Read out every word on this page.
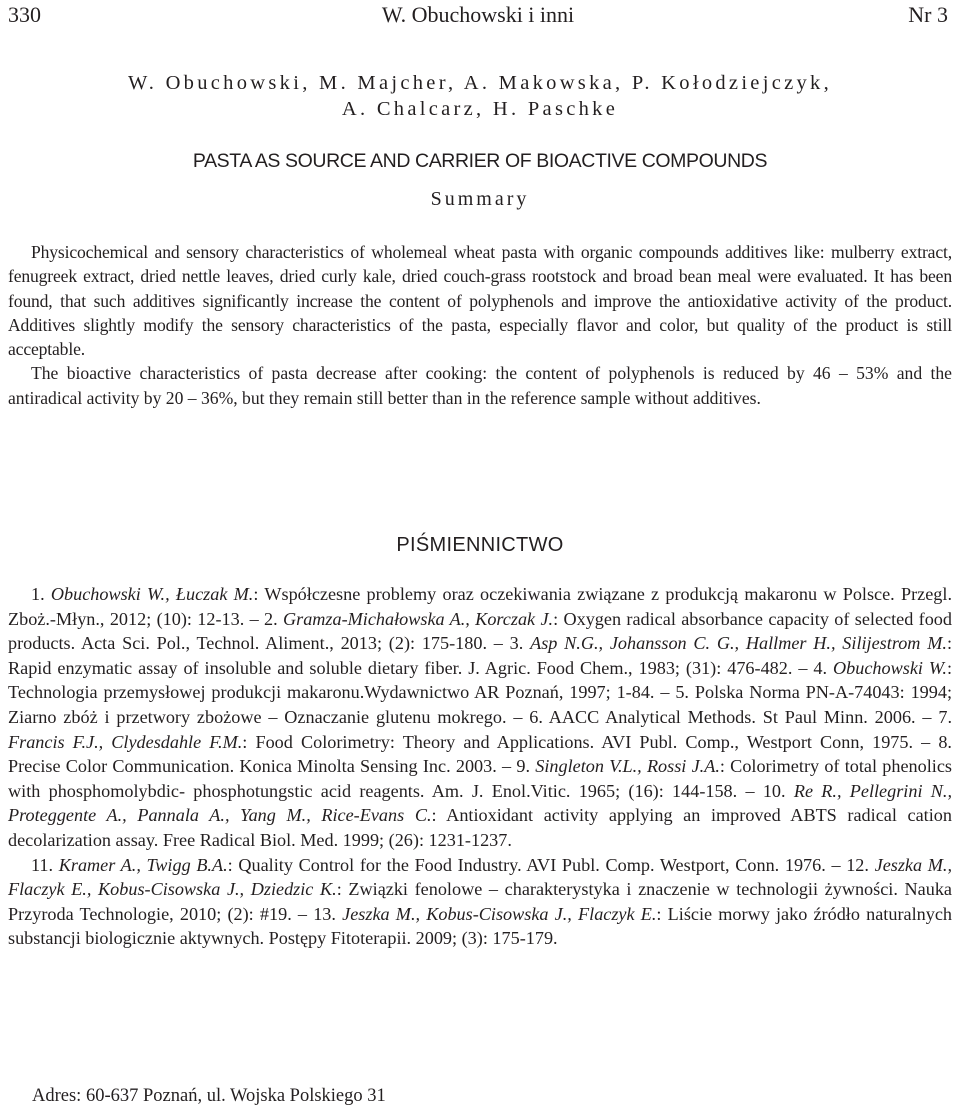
330	W. Obuchowski i inni	Nr 3
W. Obuchowski, M. Majcher, A. Makowska, P. Kołodziejczyk,
A. Chalcarz, H. Paschke
PASTA AS SOURCE AND CARRIER OF BIOACTIVE COMPOUNDS
Summary

Physicochemical and sensory characteristics of wholemeal wheat pasta with organic compounds additives like: mulberry extract, fenugreek extract, dried nettle leaves, dried curly kale, dried couch-grass rootstock and broad bean meal were evaluated. It has been found, that such additives significantly increase the content of polyphenols and improve the antioxidative activity of the product. Additives slightly modify the sensory characteristics of the pasta, especially flavor and color, but quality of the product is still acceptable.

The bioactive characteristics of pasta decrease after cooking: the content of polyphenols is reduced by 46 – 53% and the antiradical activity by 20 – 36%, but they remain still better than in the reference sample without additives.

PIŚMIENNICTWO

1. Obuchowski W., Łuczak M.: Współczesne problemy oraz oczekiwania związane z produkcją makaronu w Polsce. Przegl. Zboż.-Młyn., 2012; (10): 12-13. – 2. Gramza-Michałowska A., Korczak J.: Oxygen radical absorbance capacity of selected food products. Acta Sci. Pol., Technol. Aliment., 2013; (2): 175-180. – 3. Asp N.G., Johansson C. G., Hallmer H., Silijestrom M.: Rapid enzymatic assay of insoluble and soluble dietary fiber. J. Agric. Food Chem., 1983; (31): 476-482. – 4. Obuchowski W.: Technologia przemysłowej produkcji makaronu.Wydawnictwo AR Poznań, 1997; 1-84. – 5. Polska Norma PN-A-74043: 1994; Ziarno zbóż i przetwory zbożowe – Oznaczanie glutenu mokrego. – 6. AACC Analytical Methods. St Paul Minn. 2006. – 7. Francis F.J., Clydesdahle F.M.: Food Colorimetry: Theory and Applications. AVI Publ. Comp., Westport Conn, 1975. – 8. Precise Color Communication. Konica Minolta Sensing Inc. 2003. – 9. Singleton V.L., Rossi J.A.: Colorimetry of total phenolics with phosphomolybdic- phosphotungstic acid reagents. Am. J. Enol.Vitic. 1965; (16): 144-158. – 10. Re R., Pellegrini N., Proteggente A., Pannala A., Yang M., Rice-Evans C.: Antioxidant activity applying an improved ABTS radical cation decolarization assay. Free Radical Biol. Med. 1999; (26): 1231-1237.

11. Kramer A., Twigg B.A.: Quality Control for the Food Industry. AVI Publ. Comp. Westport, Conn. 1976. – 12. Jeszka M., Flaczyk E., Kobus-Cisowska J., Dziedzic K.: Związki fenolowe – charakterystyka i znaczenie w technologii żywności. Nauka Przyroda Technologie, 2010; (2): #19. – 13. Jeszka M., Kobus-Cisowska J., Flaczyk E.: Liście morwy jako źródło naturalnych substancji biologicznie aktywnych. Postępy Fitoterapii. 2009; (3): 175-179.

Adres: 60-637 Poznań, ul. Wojska Polskiego 31
